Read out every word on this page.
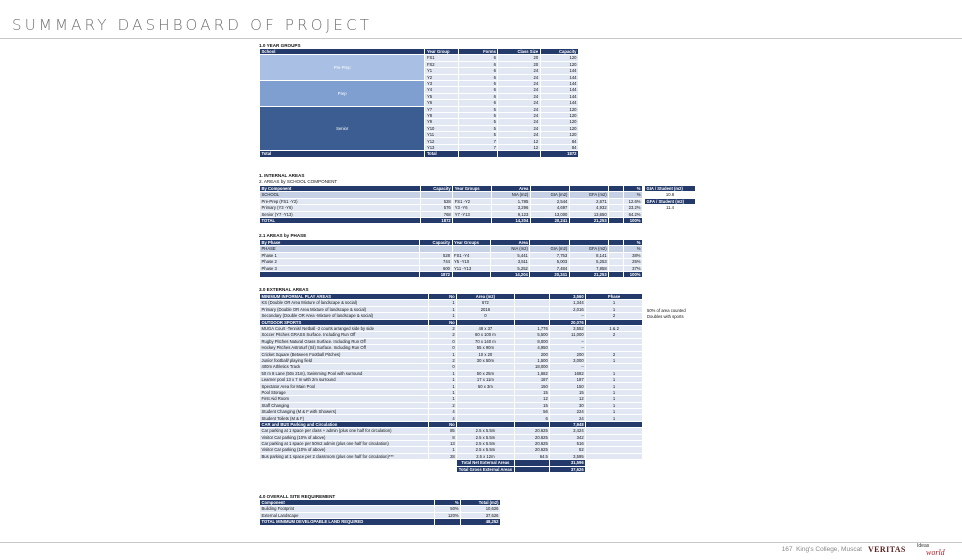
SUMMARY DASHBOARD OF PROJECT
1.0 YEAR GROUPS
School	Year Group	Forms	Class Size	Capacity
Pre-Prep	FS1	6	20	120
	FS2	6	20	120
	Y1	6	24	144
	Y2	6	24	144
Prep	Y3	6	24	144
	Y4	6	24	144
	Y5	6	24	144
	Y6	6	24	144
Senior	Y7	5	24	120
	Y8	5	24	120
	Y9	5	24	120
	Y10	5	24	120
	Y11	5	24	120
	Y12	7	12	84
	Y13	7	12	84
Total	Total			1872
1. INTERNAL AREAS
2. AREAS by SCHOOL COMPONENT
By Component	Capacity	Year Groups	Area				%
SCHOOL			NIA (m2)	GIA (m2)	GFA (m2)		%
Pre-Prep (FS1 -Y2)	528	FS1 -Y2	1,785	2,544	2,671		12.6%
Primary (Y3 -Y6)	576	Y3 -Y6	3,296	4,697	4,932		23.2%
Senior (Y7 -Y13)	768	Y7 -Y13	9,123	13,000	13,650		64.2%
TOTAL	1872		14,204	20,241	21,253		100%
GIA / Student (m2)
10.8
GFA / Student (m2)
11.4
2.1 AREAS by PHASE
By Phase	Capacity	Year Groups	Area				%
PHASE			NIA (m2)	GIA (m2)	GFA (m2)		%
Phase 1	528	FS1 -Y4	5,441	7,753	8,141		38%
Phase 2	744	Y5 -Y10	3,511	5,003	5,253		25%
Phase 3	600	Y11 -Y13	5,252	7,484	7,858		37%
	1872		14,204	20,241	21,253		100%
3.0 EXTERNAL AREAS
MINIMUM INFORMAL PLAY AREAS	No	Area (m2)		3,560	Phase
KS (Double OR Area Mixture of landscape & social)	1	672		1,344	1
Primary (Double OR Area Mixture of landscape & social)	1	2016		2,016	1
Secondary (Double OR Area -Mixture of landscape & social)	1	0		–	2
OUTDOOR SPORTS	No			20,076	
MUGA Court -Tennis/ Netball -2 courts arranged side by side	2	48 x 37	1,776	3,552	1 & 2
Soccer Pitches GRASS Surface. Including Run Off	2	60 x 100 m	5,500	11,000	2
Rugby Pitches Natural Grass Surface. Including Run Off	0	70 x 140 m	8,000	–	
Hockey Pitches Astroturf (Sil) Surface. Including Run Off	0	55 x 90m	4,950	–	
Cricket Square (Between Football Pitches)	1	10 x 20	200	200	2
Junior football/ playing field	2	30 x 50m	1,500	3,000	1
400m Athletics Track	0		18,000	–	
50 m 8 Lane (50x 21m), Swimming Pool with surround	1	50 x 25m	1,682	1682	1
Learner pool 13 x 7 m with 2m surround	1	17 x 11m	187	187	1
Spectator Area for Main Pool	1	50 x 3m	150	150	1
Pool Storage	1		15	15	1
First Aid Room	1		12	12	1
Staff Changing	2		15	30	1
Student Changing (M & F with Showers)	4		56	224	1
Student Toilets (M & F)	4		6	24	1
CAR and BUS Parking and Circulation	No			7,948	
Car parking at 1 space per class + admin (plus one half for circulation)	85	2.5 x 5.5m	20.625	3,424	
Visitor Car parking (10% of above)	8	2.5 x 5.5m	20.625	342	
Car parking at 1 space per 50m2 admin (plus one half for circulation)	13	2.5 x 5.5m	20.625	516	
Visitor Car parking (10% of above)	1	2.5 x 5.5m	20.625	52	
Bus parking at 1 space per 2 classroom (plus one half for circulation)***	28	2.5 x 12m	64.5	3,595	
		Total Net External Areas		31,596	
		Total Gross External Areas		37,626	
50% of area counted
Doubles with sports
4.0 OVERALL SITE REQUIREMENT
Component	%	Total (m2)
Building Footprint	50%	10,626
External Landscape	120%	37,626
TOTAL MINIMUM DEVELOPABLE LAND REQUIRED		48,252
167 King's College, Muscat VERITAS Ideas
world
